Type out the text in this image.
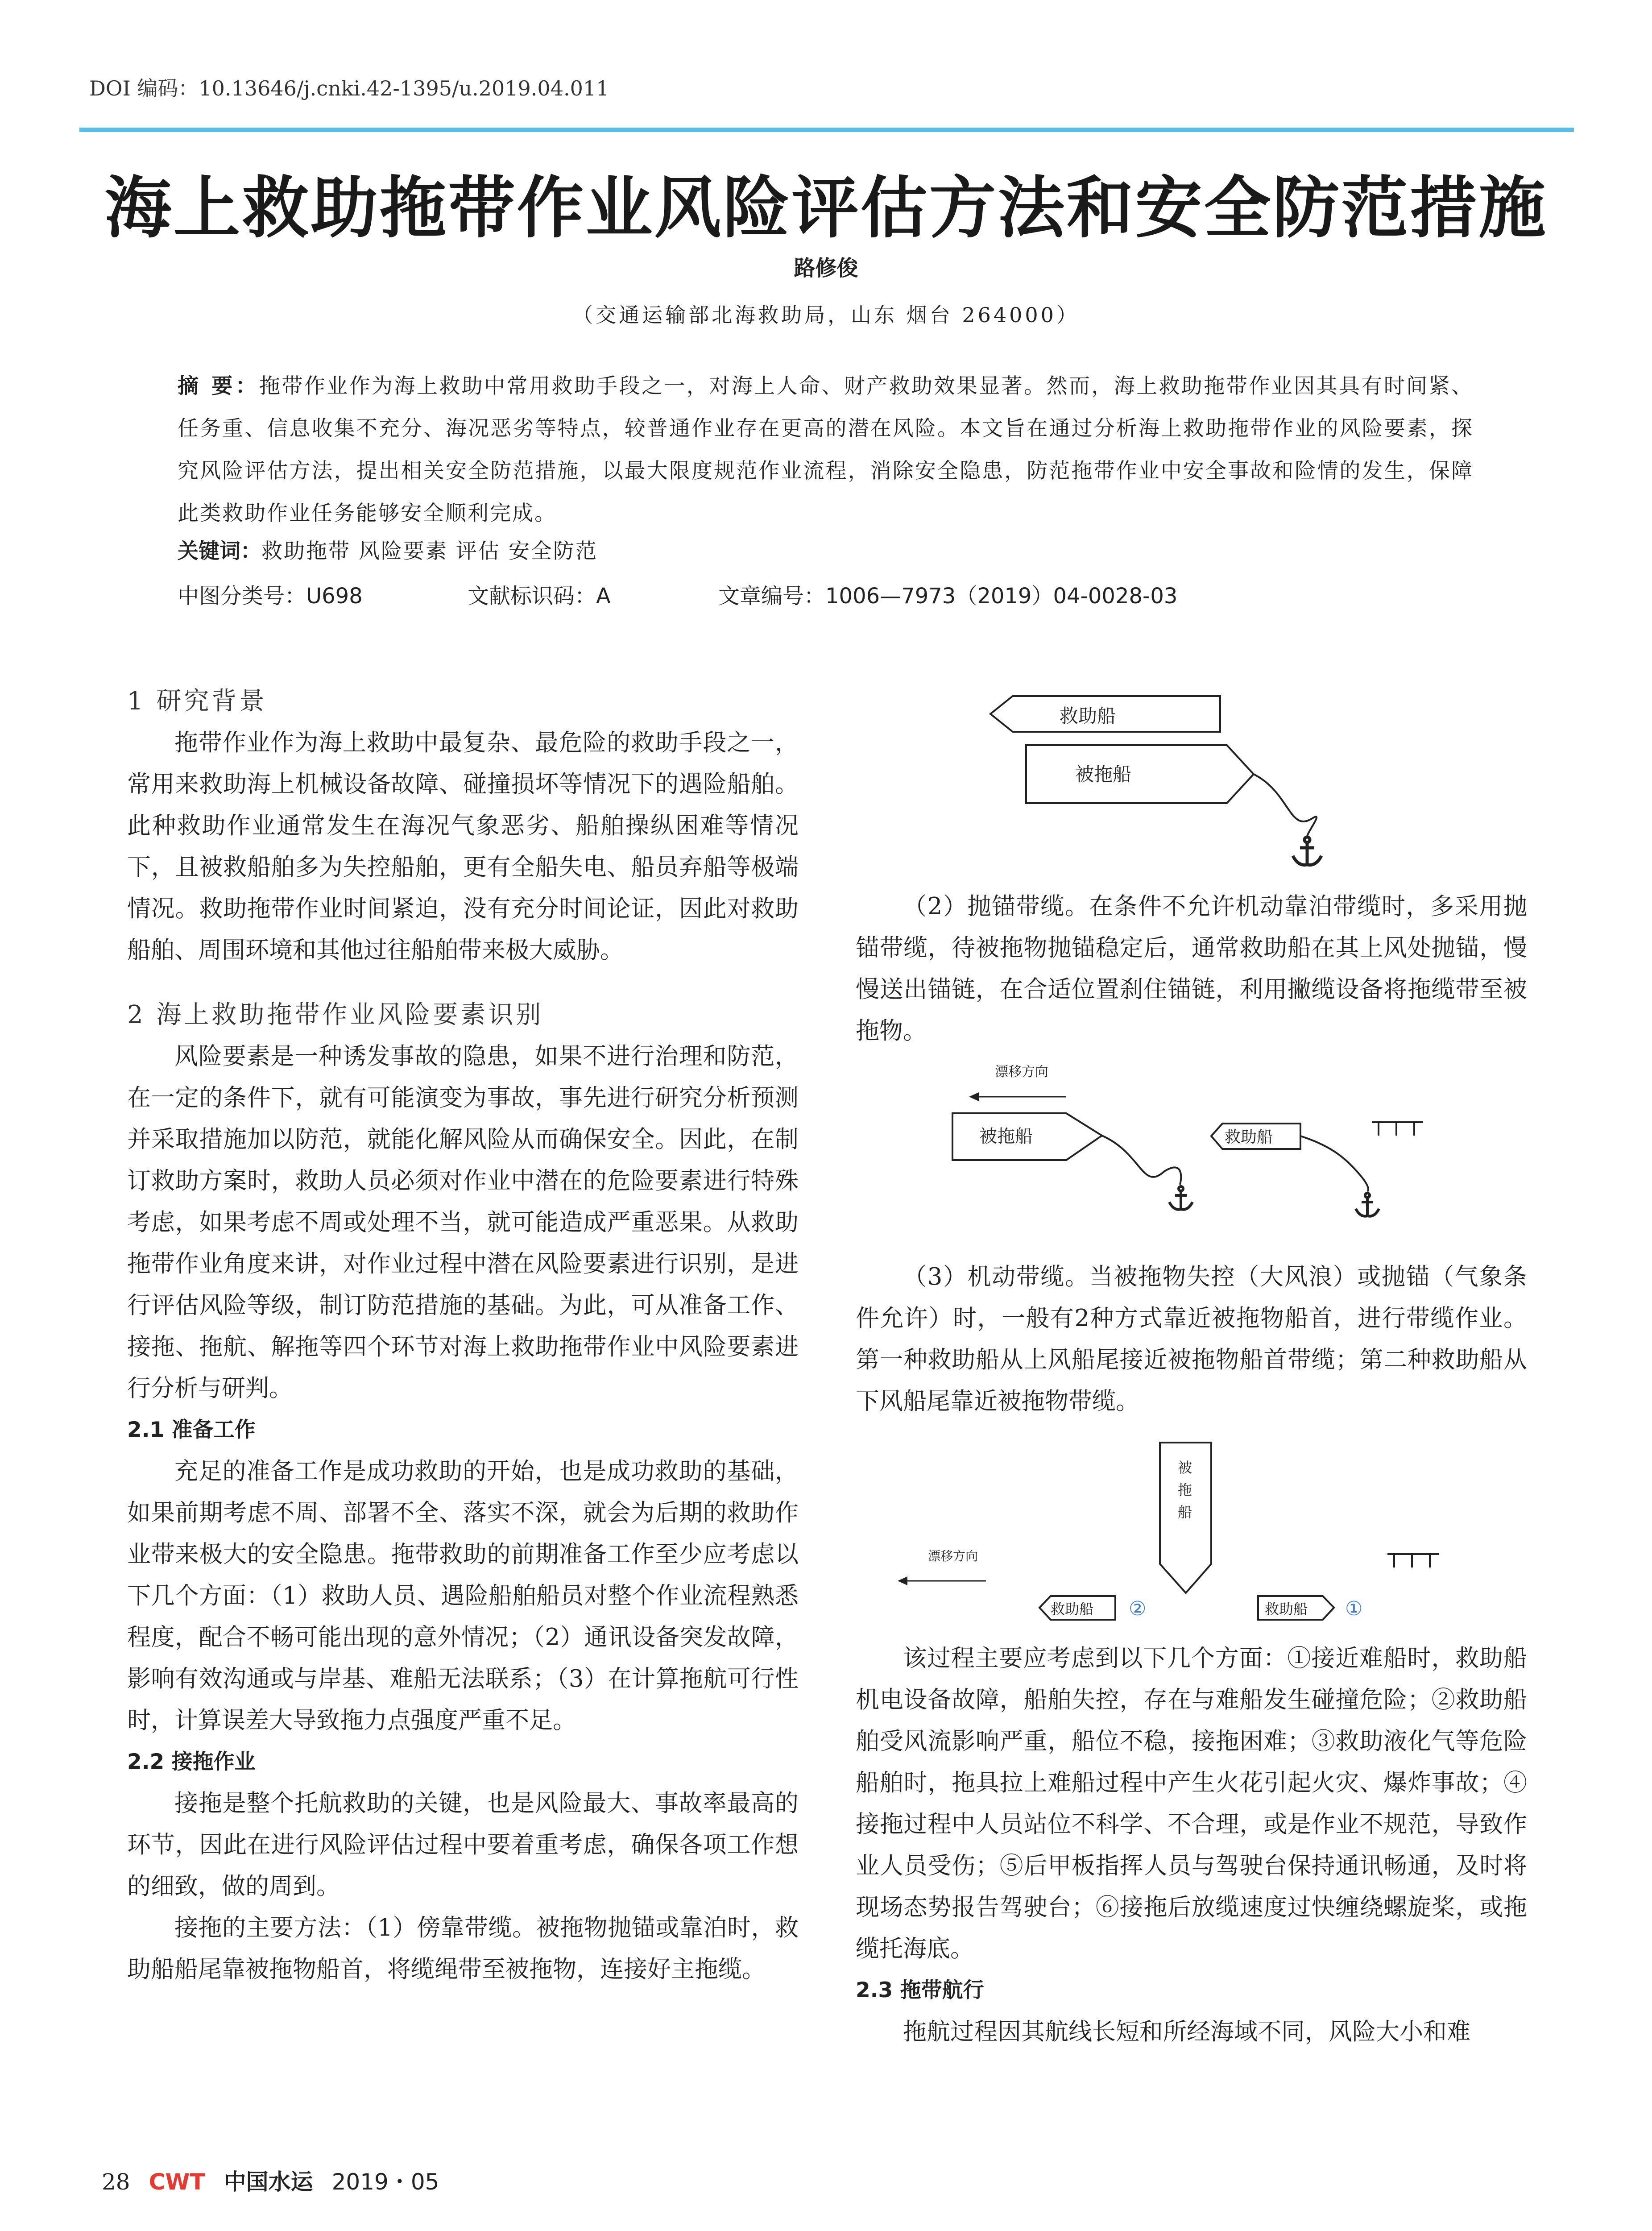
DOI 编码：10.13646/j.cnki.42-1395/u.2019.04.011
海上救助拖带作业风险评估方法和安全防范措施
路修俊
（交通运输部北海救助局，山东 烟台 264000）
摘 要：拖带作业作为海上救助中常用救助手段之一，对海上人命、财产救助效果显著。然而，海上救助拖带作业因其具有时间紧、任务重、信息收集不充分、海况恶劣等特点，较普通作业存在更高的潜在风险。本文旨在通过分析海上救助拖带作业的风险要素，探究风险评估方法，提出相关安全防范措施，以最大限度规范作业流程，消除安全隐患，防范拖带作业中安全事故和险情的发生，保障此类救助作业任务能够安全顺利完成。
关键词：救助拖带 风险要素 评估 安全防范
中图分类号：U698	文献标识码：A	文章编号：1006—7973（2019）04-0028-03
1 研究背景

拖带作业作为海上救助中最复杂、最危险的救助手段之一，常用来救助海上机械设备故障、碰撞损坏等情况下的遇险船舶。此种救助作业通常发生在海况气象恶劣、船舶操纵困难等情况下，且被救船舶多为失控船舶，更有全船失电、船员弃船等极端情况。救助拖带作业时间紧迫，没有充分时间论证，因此对救助船舶、周围环境和其他过往船舶带来极大威胁。

2 海上救助拖带作业风险要素识别

风险要素是一种诱发事故的隐患，如果不进行治理和防范，在一定的条件下，就有可能演变为事故，事先进行研究分析预测并采取措施加以防范，就能化解风险从而确保安全。因此，在制订救助方案时，救助人员必须对作业中潜在的危险要素进行特殊考虑，如果考虑不周或处理不当，就可能造成严重恶果。从救助拖带作业角度来讲，对作业过程中潜在风险要素进行识别，是进行评估风险等级，制订防范措施的基础。为此，可从准备工作、接拖、拖航、解拖等四个环节对海上救助拖带作业中风险要素进行分析与研判。

2.1 准备工作

充足的准备工作是成功救助的开始，也是成功救助的基础，如果前期考虑不周、部署不全、落实不深，就会为后期的救助作业带来极大的安全隐患。拖带救助的前期准备工作至少应考虑以下几个方面：（1）救助人员、遇险船舶船员对整个作业流程熟悉程度，配合不畅可能出现的意外情况；（2）通讯设备突发故障，影响有效沟通或与岸基、难船无法联系；（3）在计算拖航可行性时，计算误差大导致拖力点强度严重不足。

2.2 接拖作业

接拖是整个托航救助的关键，也是风险最大、事故率最高的环节，因此在进行风险评估过程中要着重考虑，确保各项工作想的细致，做的周到。

接拖的主要方法：（1）傍靠带缆。被拖物抛锚或靠泊时，救助船船尾靠被拖物船首，将缆绳带至被拖物，连接好主拖缆。

救助船
被拖船

（2）抛锚带缆。在条件不允许机动靠泊带缆时，多采用抛锚带缆，待被拖物抛锚稳定后，通常救助船在其上风处抛锚，慢慢送出锚链，在合适位置刹住锚链，利用撇缆设备将拖缆带至被拖物。

漂移方向
被拖船	救助船

（3）机动带缆。当被拖物失控（大风浪）或抛锚（气象条件允许）时，一般有2种方式靠近被拖物船首，进行带缆作业。第一种救助船从上风船尾接近被拖物船首带缆；第二种救助船从下风船尾靠近被拖物带缆。

被
拖
船
漂移方向
救助船 ②	救助船 ①

该过程主要应考虑到以下几个方面：①接近难船时，救助船机电设备故障，船舶失控，存在与难船发生碰撞危险；②救助船舶受风流影响严重，船位不稳，接拖困难；③救助液化气等危险船舶时，拖具拉上难船过程中产生火花引起火灾、爆炸事故；④接拖过程中人员站位不科学、不合理，或是作业不规范，导致作业人员受伤；⑤后甲板指挥人员与驾驶台保持通讯畅通，及时将现场态势报告驾驶台；⑥接拖后放缆速度过快缠绕螺旋桨，或拖缆托海底。

2.3 拖带航行

拖航过程因其航线长短和所经海域不同，风险大小和难

28 CWT 中国水运 2019・05
